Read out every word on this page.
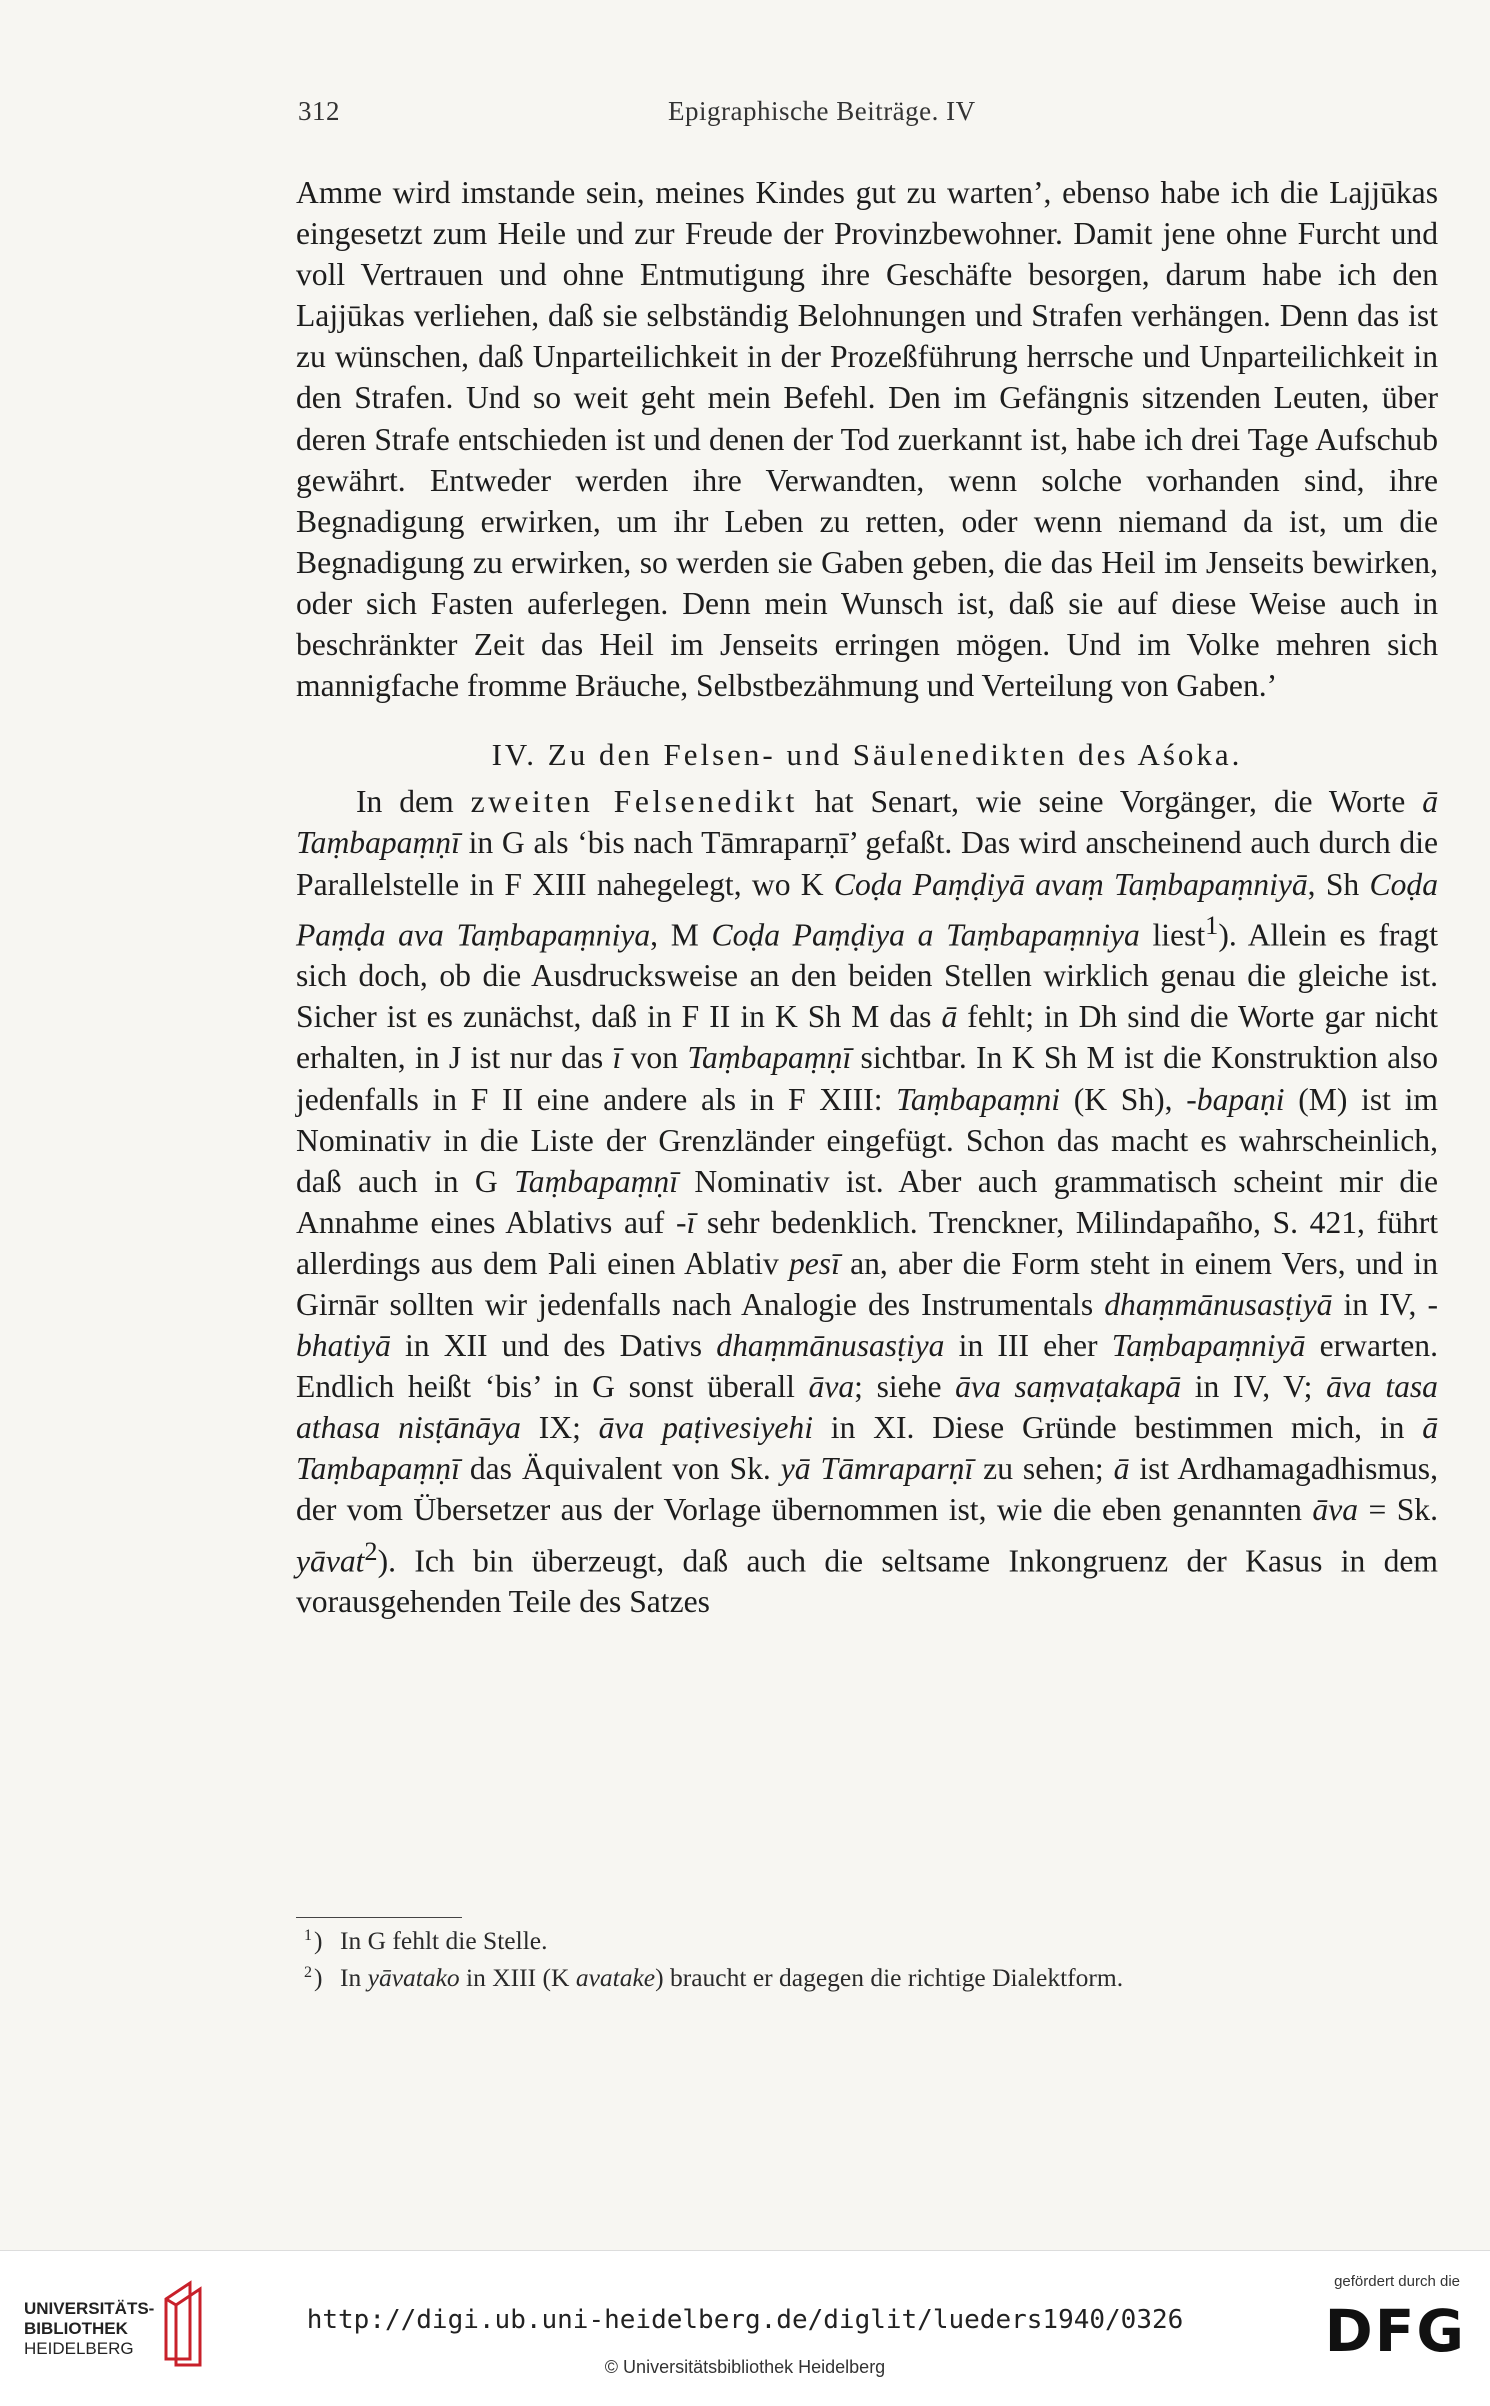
312	Epigraphische Beiträge. IV

Amme wird imstande sein, meines Kindes gut zu warten’, ebenso habe ich die Lajjūkas eingesetzt zum Heile und zur Freude der Provinzbewohner. Damit jene ohne Furcht und voll Vertrauen und ohne Entmutigung ihre Geschäfte besorgen, darum habe ich den Lajjūkas verliehen, daß sie selbständig Belohnungen und Strafen verhängen. Denn das ist zu wünschen, daß Unparteilichkeit in der Prozeßführung herrsche und Unparteilichkeit in den Strafen. Und so weit geht mein Befehl. Den im Gefängnis sitzenden Leuten, über deren Strafe entschieden ist und denen der Tod zuerkannt ist, habe ich drei Tage Aufschub gewährt. Entweder werden ihre Verwandten, wenn solche vorhanden sind, ihre Begnadigung erwirken, um ihr Leben zu retten, oder wenn niemand da ist, um die Begnadigung zu erwirken, so werden sie Gaben geben, die das Heil im Jenseits bewirken, oder sich Fasten auferlegen. Denn mein Wunsch ist, daß sie auf diese Weise auch in beschränkter Zeit das Heil im Jenseits erringen mögen. Und im Volke mehren sich mannigfache fromme Bräuche, Selbstbezähmung und Verteilung von Gaben.’

IV. Zu den Felsen- und Säulenedikten des Aśoka.

In dem zweiten Felsenedikt hat Senart, wie seine Vorgänger, die Worte ā Taṃbapaṃṇī in G als ‘bis nach Tāmraparṇī’ gefaßt. Das wird anscheinend auch durch die Parallelstelle in F XIII nahegelegt, wo K Coḍa Paṃḍiyā avaṃ Taṃbapaṃniyā, Sh Coḍa Paṃḍa ava Taṃbapaṃniya, M Coḍa Paṃḍiya a Taṃbapaṃniya liest$^1$). Allein es fragt sich doch, ob die Ausdrucksweise an den beiden Stellen wirklich genau die gleiche ist. Sicher ist es zunächst, daß in F II in K Sh M das ā fehlt; in Dh sind die Worte gar nicht erhalten, in J ist nur das ī von Taṃbapaṃṇī sichtbar. In K Sh M ist die Konstruktion also jedenfalls in F II eine andere als in F XIII: Taṃbapaṃni (K Sh), -bapaṇi (M) ist im Nominativ in die Liste der Grenzländer eingefügt. Schon das macht es wahrscheinlich, daß auch in G Taṃbapaṃṇī Nominativ ist. Aber auch grammatisch scheint mir die Annahme eines Ablativs auf -ī sehr bedenklich. Trenckner, Milindapañho, S. 421, führt allerdings aus dem Pali einen Ablativ pesī an, aber die Form steht in einem Vers, und in Girnār sollten wir jedenfalls nach Analogie des Instrumentals dhaṃmānusasṭiyā in IV, -bhatiyā in XII und des Dativs dhaṃmānusasṭiya in III eher Taṃbapaṃniyā erwarten. Endlich heißt ‘bis’ in G sonst überall āva; siehe āva saṃvaṭakapā in IV, V; āva tasa athasa nisṭānāya IX; āva paṭivesiyehi in XI. Diese Gründe bestimmen mich, in ā Taṃbapaṃṇī das Äquivalent von Sk. yā Tāmraparṇī zu sehen; ā ist Ardhamagadhismus, der vom Übersetzer aus der Vorlage übernommen ist, wie die eben genannten āva = Sk. yāvat$^2$). Ich bin überzeugt, daß auch die seltsame Inkongruenz der Kasus in dem vorausgehenden Teile des Satzes

1 ) In G fehlt die Stelle.
2 ) In yāvatako in XIII (K avatake) braucht er dagegen die richtige Dialektform.
UNIVERSITÄTS-
BIBLIOTHEK
HEIDELBERG
http://digi.ub.uni-heidelberg.de/diglit/lueders1940/0326
© Universitätsbibliothek Heidelberg
gefördert durch die
DFG
